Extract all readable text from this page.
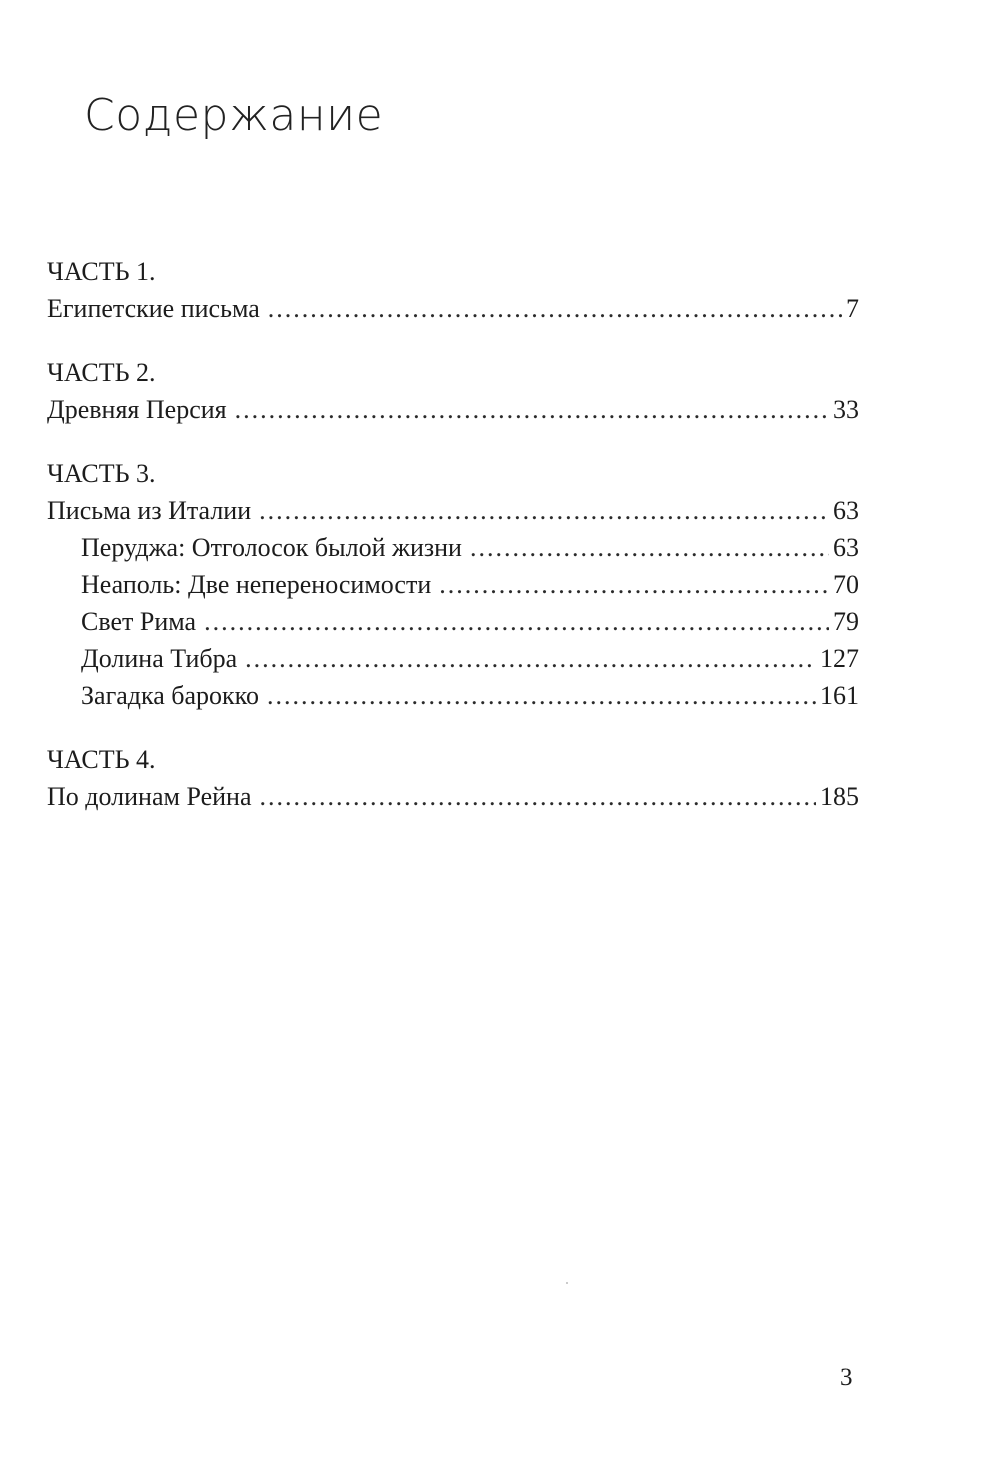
Содержание
ЧАСТЬ 1.
Египетские письма .....	7
ЧАСТЬ 2.
Древняя Персия .....	33
ЧАСТЬ 3.
Письма из Италии .....	63
Перуджа: Отголосок былой жизни .....	63
Неаполь: Две непереносимости .....	70
Свет Рима .....	79
Долина Тибра .....	127
Загадка барокко .....	161
ЧАСТЬ 4.
По долинам Рейна .....	185
3
